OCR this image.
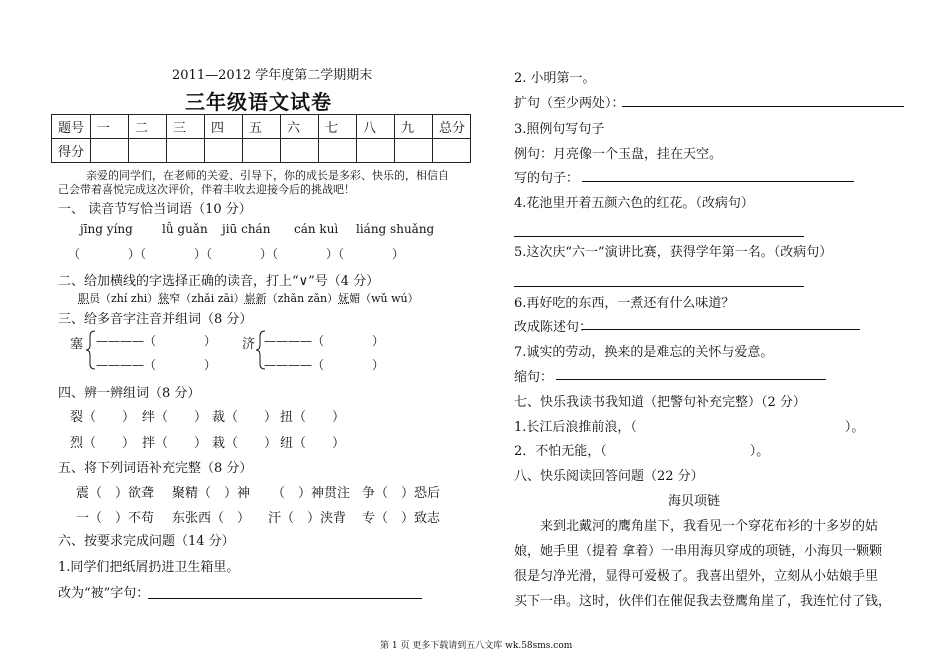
2011—2012 学年度第二学期期末
三年级语文试卷
题号	一	二	三	四	五	六	七	八	九	总分
得分										
亲爱的同学们，在老师的关爱、引导下，你的成长是多彩、快乐的，相信自
己会带着喜悦完成这次评价，伴着丰收去迎接今后的挑战吧！
一、 读音节写恰当词语（10 分）
jīng yíng lǚ guǎn jiū chán cán kuì liáng shuǎng
（　　　　）（　　　　）（　　　　）（　　　　）（　　　　）
二、给加横线的字选择正确的读音，打上“∨”号（4 分）
职员（zhí zhi）狭窄（zhǎi zāi）崭新（zhǎn zǎn）妩媚（wǔ wú）
三、给多音字注音并组词（8 分）
塞 ————（　　　　）
————（　　　　）
济 ————（　　　　）
————（　　　　）
四、辨一辨组词（8 分）
裂（　　） 绊（　　） 裁（　　） 扭（　　）
烈（　　） 拌（　　） 栽（　　） 纽（　　）
五、将下列词语补充完整（8 分）
震（　）欲聋 聚精（　）神 （　）神贯注 争（　）恐后
一（　）不苟 东张西（　） 汗（　）浃背 专（　）致志
六、按要求完成问题（14 分）
1.同学们把纸屑扔进卫生箱里。
改为“被”字句：
2. 小明第一。
扩句（至少两处）：
3.照例句写句子
例句：月亮像一个玉盘，挂在天空。
写的句子：
4.花池里开着五颜六色的红花。（改病句）
5.这次庆“六一”演讲比赛，获得学年第一名。（改病句）
6.再好吃的东西，一煮还有什么味道？
改成陈述句：
7.诚实的劳动，换来的是难忘的关怀与爱意。
缩句：
七、快乐我读书我知道（把警句补充完整）（2 分）
1.长江后浪推前浪，（　　　　　　　　　　　　　　　　）。
2．不怕无能，（　　　　　　　　　　　）。
八、快乐阅读回答问题（22 分）
海贝项链
来到北戴河的鹰角崖下，我看见一个穿花布衫的十多岁的姑
娘，她手里（提着 拿着）一串用海贝穿成的项链，小海贝一颗颗
很是匀净光滑，显得可爱极了。我喜出望外，立刻从小姑娘手里
买下一串。这时，伙伴们在催促我去登鹰角崖了，我连忙付了钱，
第 1 页 更多下载请到五八文库 wk.58sms.com
